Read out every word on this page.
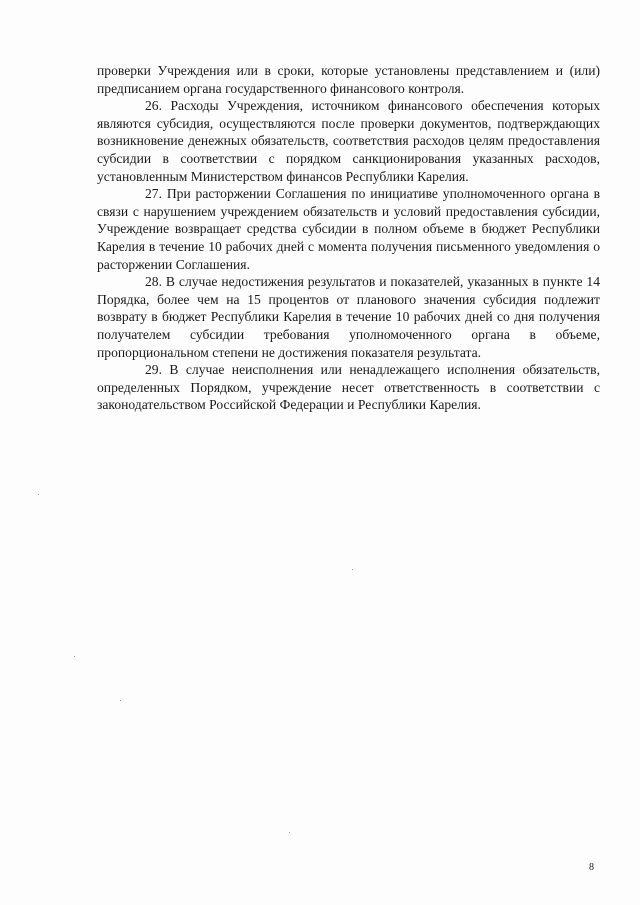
проверки Учреждения или в сроки, которые установлены представлением и (или) предписанием органа государственного финансового контроля.

26. Расходы Учреждения, источником финансового обеспечения которых являются субсидия, осуществляются после проверки документов, подтверждающих возникновение денежных обязательств, соответствия расходов целям предоставления субсидии в соответствии с порядком санкционирования указанных расходов, установленным Министерством финансов Республики Карелия.

27. При расторжении Соглашения по инициативе уполномоченного органа в связи с нарушением учреждением обязательств и условий предоставления субсидии, Учреждение возвращает средства субсидии в полном объеме в бюджет Республики Карелия в течение 10 рабочих дней с момента получения письменного уведомления о расторжении Соглашения.

28. В случае недостижения результатов и показателей, указанных в пункте 14 Порядка, более чем на 15 процентов от планового значения субсидия подлежит возврату в бюджет Республики Карелия в течение 10 рабочих дней со дня получения получателем субсидии требования уполномоченного органа в объеме, пропорциональном степени не достижения показателя результата.

29. В случае неисполнения или ненадлежащего исполнения обязательств, определенных Порядком, учреждение несет ответственность в соответствии с законодательством Российской Федерации и Республики Карелия.

8
